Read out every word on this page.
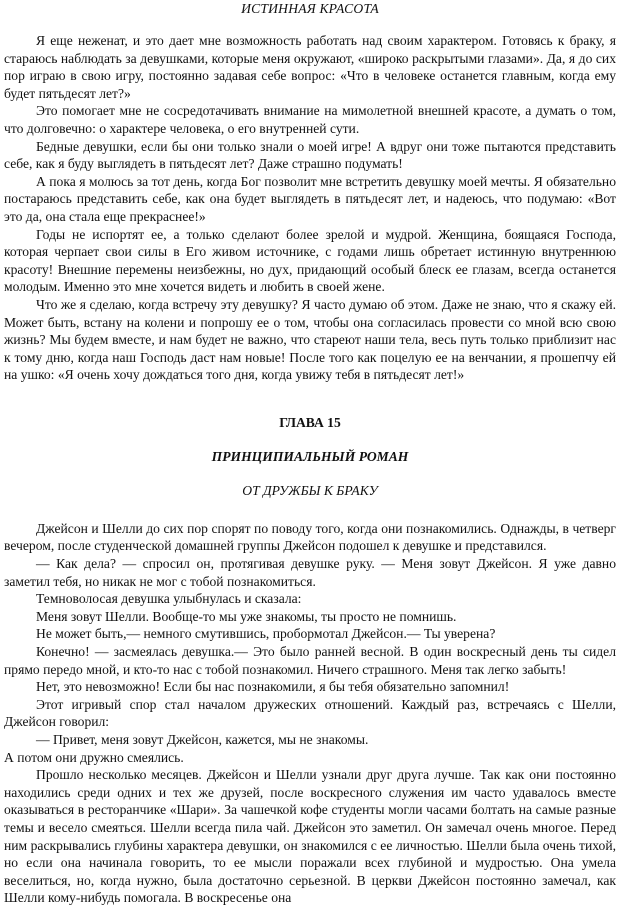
ИСТИННАЯ КРАСОТА

Я еще неженат, и это дает мне возможность работать над своим характером. Готовясь к браку, я стараюсь наблюдать за девушками, которые меня окружают, «широко раскрытыми глазами». Да, я до сих пор играю в свою игру, постоянно задавая себе вопрос: «Что в человеке останется главным, когда ему будет пятьдесят лет?»

Это помогает мне не сосредотачивать внимание на мимолетной внешней красоте, а думать о том, что долговечно: о характере человека, о его внутренней сути.

Бедные девушки, если бы они только знали о моей игре! А вдруг они тоже пытаются представить себе, как я буду выглядеть в пятьдесят лет? Даже страшно подумать!

А пока я молюсь за тот день, когда Бог позволит мне встретить девушку моей мечты. Я обязательно постараюсь представить себе, как она будет выглядеть в пятьдесят лет, и надеюсь, что подумаю: «Вот это да, она стала еще прекраснее!»

Годы не испортят ее, а только сделают более зрелой и мудрой. Женщина, боящаяся Господа, которая черпает свои силы в Его живом источнике, с годами лишь обретает истинную внутреннюю красоту! Внешние перемены неизбежны, но дух, придающий особый блеск ее глазам, всегда останется молодым. Именно это мне хочется видеть и любить в своей жене.

Что же я сделаю, когда встречу эту девушку? Я часто думаю об этом. Даже не знаю, что я скажу ей. Может быть, встану на колени и попрошу ее о том, чтобы она согласилась провести со мной всю свою жизнь? Мы будем вместе, и нам будет не важно, что стареют наши тела, весь путь только приблизит нас к тому дню, когда наш Господь даст нам новые! После того как поцелую ее на венчании, я прошепчу ей на ушко: «Я очень хочу дождаться того дня, когда увижу тебя в пятьдесят лет!»

ГЛАВА 15
ПРИНЦИПИАЛЬНЫЙ РОМАН
ОТ ДРУЖБЫ К БРАКУ

Джейсон и Шелли до сих пор спорят по поводу того, когда они познакомились. Однажды, в четверг вечером, после студенческой домашней группы Джейсон подошел к девушке и представился.

— Как дела? — спросил он, протягивая девушке руку. — Меня зовут Джейсон. Я уже давно заметил тебя, но никак не мог с тобой познакомиться.

Темноволосая девушка улыбнулась и сказала:

Меня зовут Шелли. Вообще-то мы уже знакомы, ты просто не помнишь.

Не может быть,— немного смутившись, пробормотал Джейсон.— Ты уверена?

Конечно! — засмеялась девушка.— Это было ранней весной. В один воскресный день ты сидел прямо передо мной, и кто-то нас с тобой познакомил. Ничего страшного. Меня так легко забыть!

Нет, это невозможно! Если бы нас познакомили, я бы тебя обязательно запомнил!

Этот игривый спор стал началом дружеских отношений. Каждый раз, встречаясь с Шелли, Джейсон говорил:

— Привет, меня зовут Джейсон, кажется, мы не знакомы.

А потом они дружно смеялись.

Прошло несколько месяцев. Джейсон и Шелли узнали друг друга лучше. Так как они постоянно находились среди одних и тех же друзей, после воскресного служения им часто удавалось вместе оказываться в ресторанчике «Шари». За чашечкой кофе студенты могли часами болтать на самые разные темы и весело смеяться. Шелли всегда пила чай. Джейсон это заметил. Он замечал очень многое. Перед ним раскрывались глубины характера девушки, он знакомился с ее личностью. Шелли была очень тихой, но если она начинала говорить, то ее мысли поражали всех глубиной и мудростью. Она умела веселиться, но, когда нужно, была достаточно серьезной. В церкви Джейсон постоянно замечал, как Шелли кому-нибудь помогала. В воскресенье она
